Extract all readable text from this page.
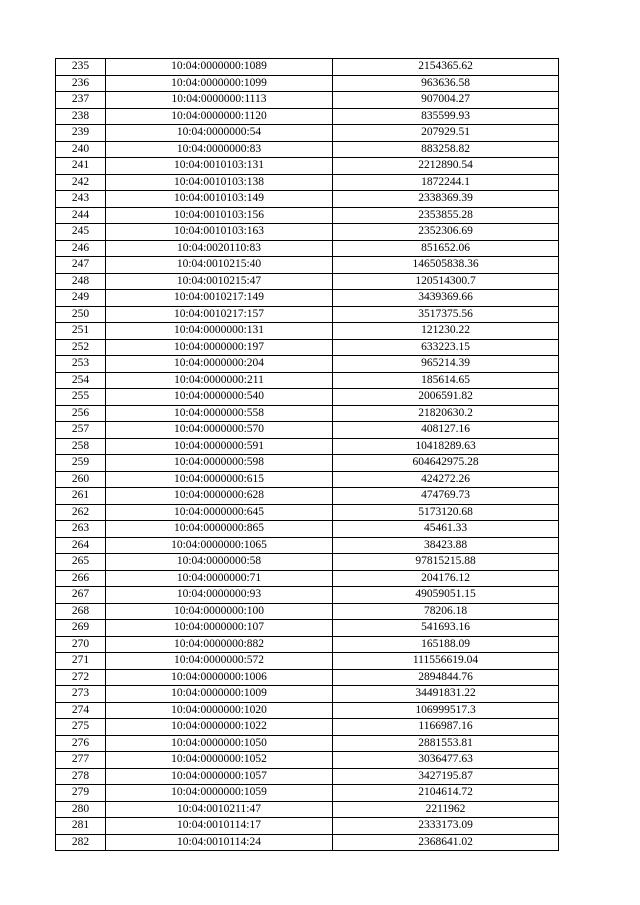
235	10:04:0000000:1089	2154365.62
236	10:04:0000000:1099	963636.58
237	10:04:0000000:1113	907004.27
238	10:04:0000000:1120	835599.93
239	10:04:0000000:54	207929.51
240	10:04:0000000:83	883258.82
241	10:04:0010103:131	2212890.54
242	10:04:0010103:138	1872244.1
243	10:04:0010103:149	2338369.39
244	10:04:0010103:156	2353855.28
245	10:04:0010103:163	2352306.69
246	10:04:0020110:83	851652.06
247	10:04:0010215:40	146505838.36
248	10:04:0010215:47	120514300.7
249	10:04:0010217:149	3439369.66
250	10:04:0010217:157	3517375.56
251	10:04:0000000:131	121230.22
252	10:04:0000000:197	633223.15
253	10:04:0000000:204	965214.39
254	10:04:0000000:211	185614.65
255	10:04:0000000:540	2006591.82
256	10:04:0000000:558	21820630.2
257	10:04:0000000:570	408127.16
258	10:04:0000000:591	10418289.63
259	10:04:0000000:598	604642975.28
260	10:04:0000000:615	424272.26
261	10:04:0000000:628	474769.73
262	10:04:0000000:645	5173120.68
263	10:04:0000000:865	45461.33
264	10:04:0000000:1065	38423.88
265	10:04:0000000:58	97815215.88
266	10:04:0000000:71	204176.12
267	10:04:0000000:93	49059051.15
268	10:04:0000000:100	78206.18
269	10:04:0000000:107	541693.16
270	10:04:0000000:882	165188.09
271	10:04:0000000:572	111556619.04
272	10:04:0000000:1006	2894844.76
273	10:04:0000000:1009	34491831.22
274	10:04:0000000:1020	106999517.3
275	10:04:0000000:1022	1166987.16
276	10:04:0000000:1050	2881553.81
277	10:04:0000000:1052	3036477.63
278	10:04:0000000:1057	3427195.87
279	10:04:0000000:1059	2104614.72
280	10:04:0010211:47	2211962
281	10:04:0010114:17	2333173.09
282	10:04:0010114:24	2368641.02
